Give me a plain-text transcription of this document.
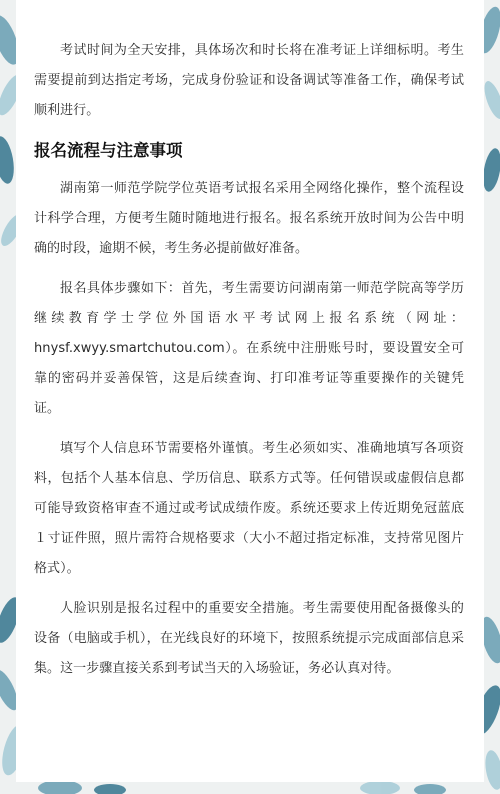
考试时间为全天安排，具体场次和时长将在准考证上详细标明。考生需要提前到达指定考场，完成身份验证和设备调试等准备工作，确保考试顺利进行。

报名流程与注意事项

湖南第一师范学院学位英语考试报名采用全网络化操作，整个流程设计科学合理，方便考生随时随地进行报名。报名系统开放时间为公告中明确的时段，逾期不候，考生务必提前做好准备。

报名具体步骤如下：首先，考生需要访问湖南第一师范学院高等学历继续教育学士学位外国语水平考试网上报名系统（网址：hnysf.xwyy.smartchutou.com）。在系统中注册账号时，要设置安全可靠的密码并妥善保管，这是后续查询、打印准考证等重要操作的关键凭证。

填写个人信息环节需要格外谨慎。考生必须如实、准确地填写各项资料，包括个人基本信息、学历信息、联系方式等。任何错误或虚假信息都可能导致资格审查不通过或考试成绩作废。系统还要求上传近期免冠蓝底１寸证件照，照片需符合规格要求（大小不超过指定标准，支持常见图片格式）。

人脸识别是报名过程中的重要安全措施。考生需要使用配备摄像头的设备（电脑或手机），在光线良好的环境下，按照系统提示完成面部信息采集。这一步骤直接关系到考试当天的入场验证，务必认真对待。
